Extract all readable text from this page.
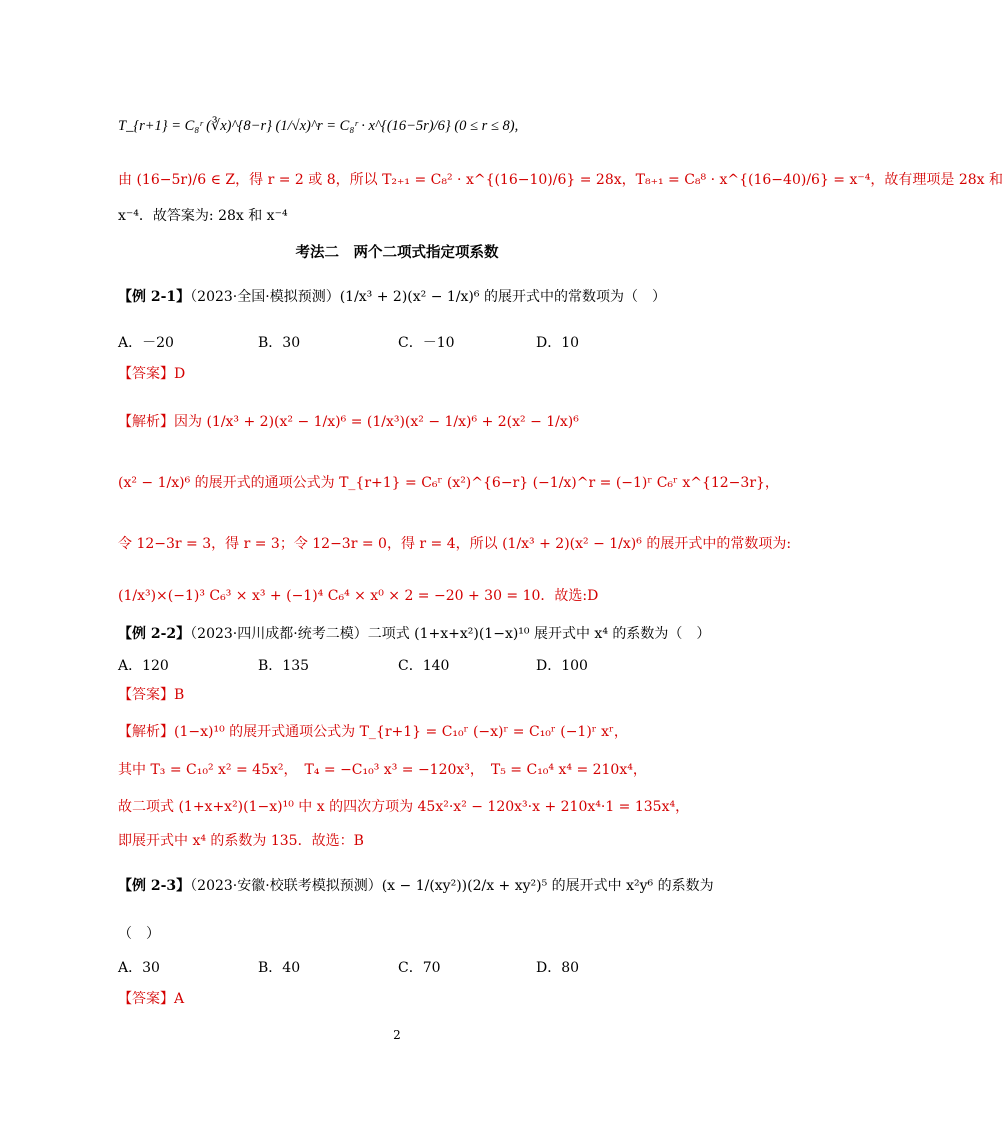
T_{r+1} = C₈ʳ (∛x)^{8−r} (1/√x)^r = C₈ʳ · x^{(16−5r)/6} (0 ≤ r ≤ 8),
由 (16−5r)/6 ∈ Z，得 r = 2 或 8，所以 T₂₊₁ = C₈² · x^{(16−10)/6} = 28x，T₈₊₁ = C₈⁸ · x^{(16−40)/6} = x⁻⁴，故有理项是 28x 和
x⁻⁴．故答案为: 28x 和 x⁻⁴
考法二　两个二项式指定项系数
【例 2-1】（2023·全国·模拟预测）(1/x³ + 2)(x² − 1/x)⁶ 的展开式中的常数项为（　）
A．－20	B．30	C．－10	D．10
【答案】D
【解析】因为 (1/x³ + 2)(x² − 1/x)⁶ = (1/x³)(x² − 1/x)⁶ + 2(x² − 1/x)⁶
(x² − 1/x)⁶ 的展开式的通项公式为 T_{r+1} = C₆ʳ (x²)^{6−r} (−1/x)^r = (−1)ʳ C₆ʳ x^{12−3r}，
令 12−3r = 3，得 r = 3；令 12−3r = 0，得 r = 4，所以 (1/x³ + 2)(x² − 1/x)⁶ 的展开式中的常数项为:
(1/x³)×(−1)³ C₆³ × x³ + (−1)⁴ C₆⁴ × x⁰ × 2 = −20 + 30 = 10．故选:D
【例 2-2】（2023·四川成都·统考二模）二项式 (1+x+x²)(1−x)¹⁰ 展开式中 x⁴ 的系数为（　）
A．120	B．135	C．140	D．100
【答案】B
【解析】(1−x)¹⁰ 的展开式通项公式为 T_{r+1} = C₁₀ʳ (−x)ʳ = C₁₀ʳ (−1)ʳ xʳ，
其中 T₃ = C₁₀² x² = 45x²，　T₄ = −C₁₀³ x³ = −120x³，　T₅ = C₁₀⁴ x⁴ = 210x⁴，
故二项式 (1+x+x²)(1−x)¹⁰ 中 x 的四次方项为 45x²·x² − 120x³·x + 210x⁴·1 = 135x⁴，
即展开式中 x⁴ 的系数为 135．故选：B
【例 2-3】（2023·安徽·校联考模拟预测）(x − 1/(xy²))(2/x + xy²)⁵ 的展开式中 x²y⁶ 的系数为
（　）
A．30	B．40	C．70	D．80
【答案】A
2
